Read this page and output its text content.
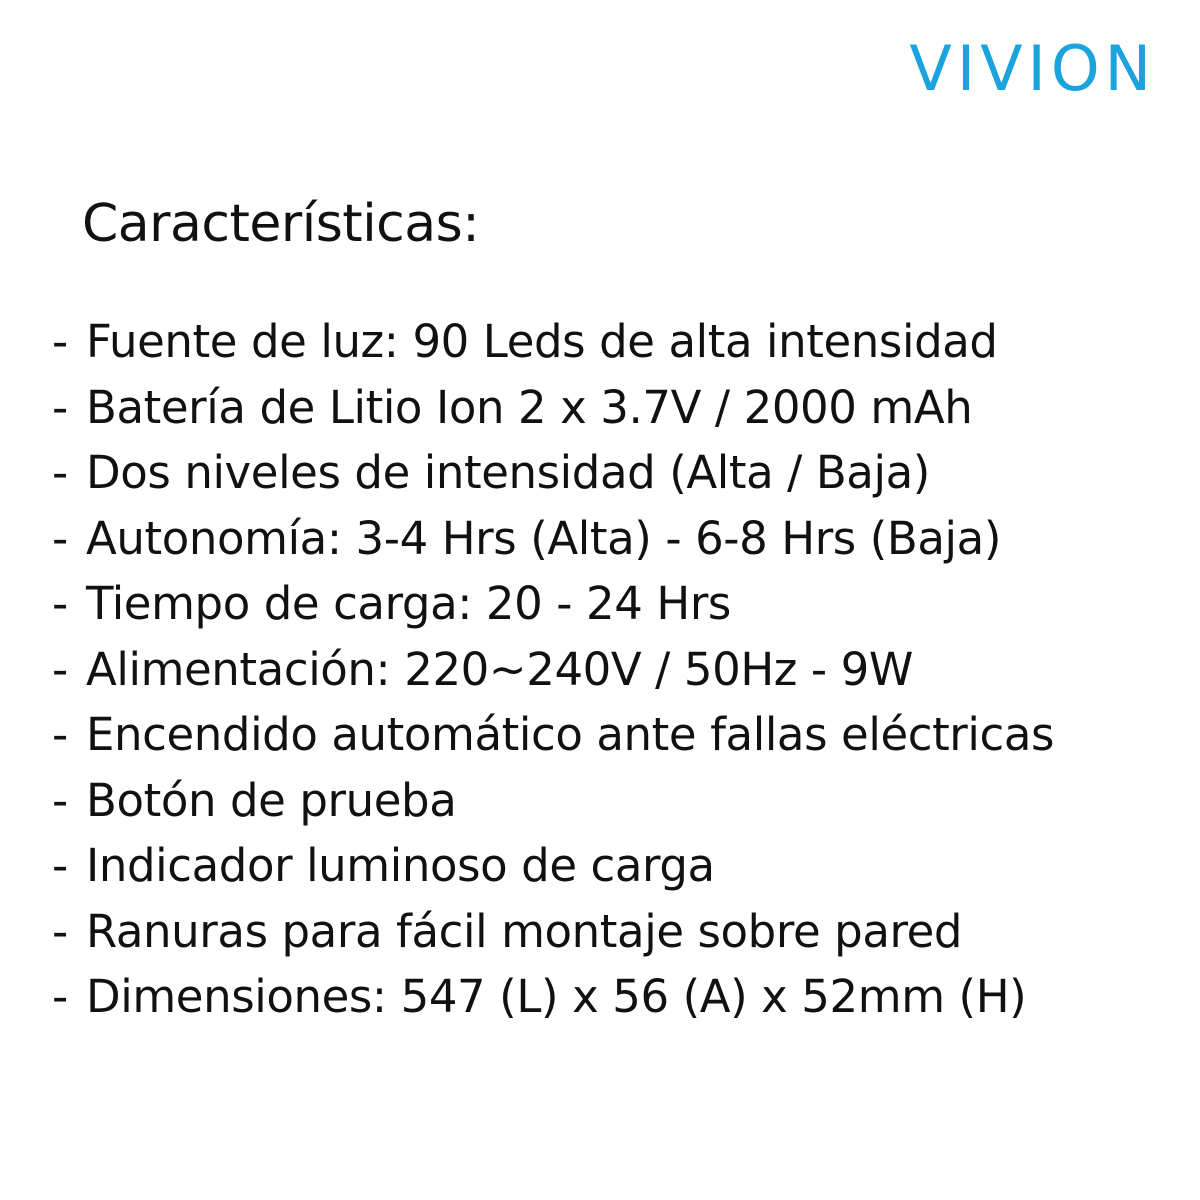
VIVION
Características:
- Fuente de luz: 90 Leds de alta intensidad
- Batería de Litio Ion 2 x 3.7V / 2000 mAh
- Dos niveles de intensidad (Alta / Baja)
- Autonomía: 3-4 Hrs (Alta) - 6-8 Hrs (Baja)
- Tiempo de carga: 20 - 24 Hrs
- Alimentación: 220~240V / 50Hz - 9W
- Encendido automático ante fallas eléctricas
- Botón de prueba
- Indicador luminoso de carga
- Ranuras para fácil montaje sobre pared
- Dimensiones: 547 (L) x 56 (A) x 52mm (H)
